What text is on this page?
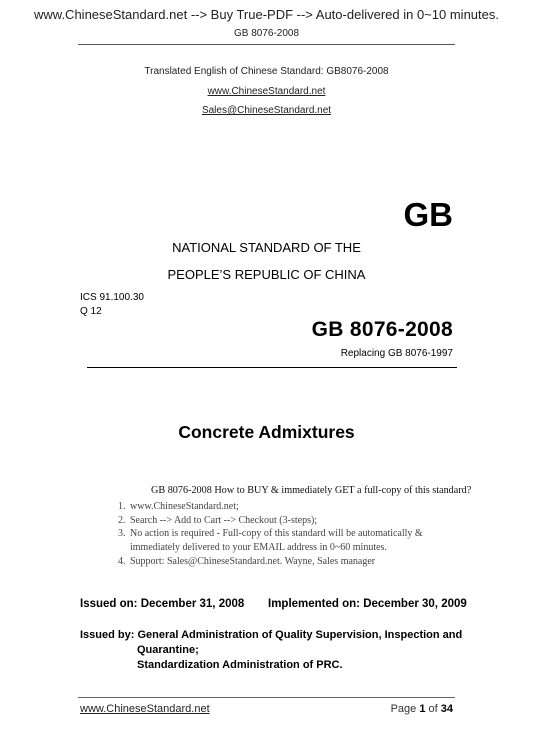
www.ChineseStandard.net --> Buy True-PDF --> Auto-delivered in 0~10 minutes.
GB 8076-2008
Translated English of Chinese Standard: GB8076-2008
www.ChineseStandard.net
Sales@ChineseStandard.net
GB
NATIONAL STANDARD OF THE
PEOPLE’S REPUBLIC OF CHINA
ICS 91.100.30
Q 12
GB 8076-2008
Replacing GB 8076-1997
Concrete Admixtures
GB 8076-2008 How to BUY & immediately GET a full-copy of this standard?
1. www.ChineseStandard.net;
2. Search --> Add to Cart --> Checkout (3-steps);
3. No action is required - Full-copy of this standard will be automatically &
immediately delivered to your EMAIL address in 0~60 minutes.
4. Support: Sales@ChineseStandard.net. Wayne, Sales manager
Issued on: December 31, 2008 Implemented on: December 30, 2009
Issued by: General Administration of Quality Supervision, Inspection and
Quarantine;
Standardization Administration of PRC.
www.ChineseStandard.net	Page 1 of 34
